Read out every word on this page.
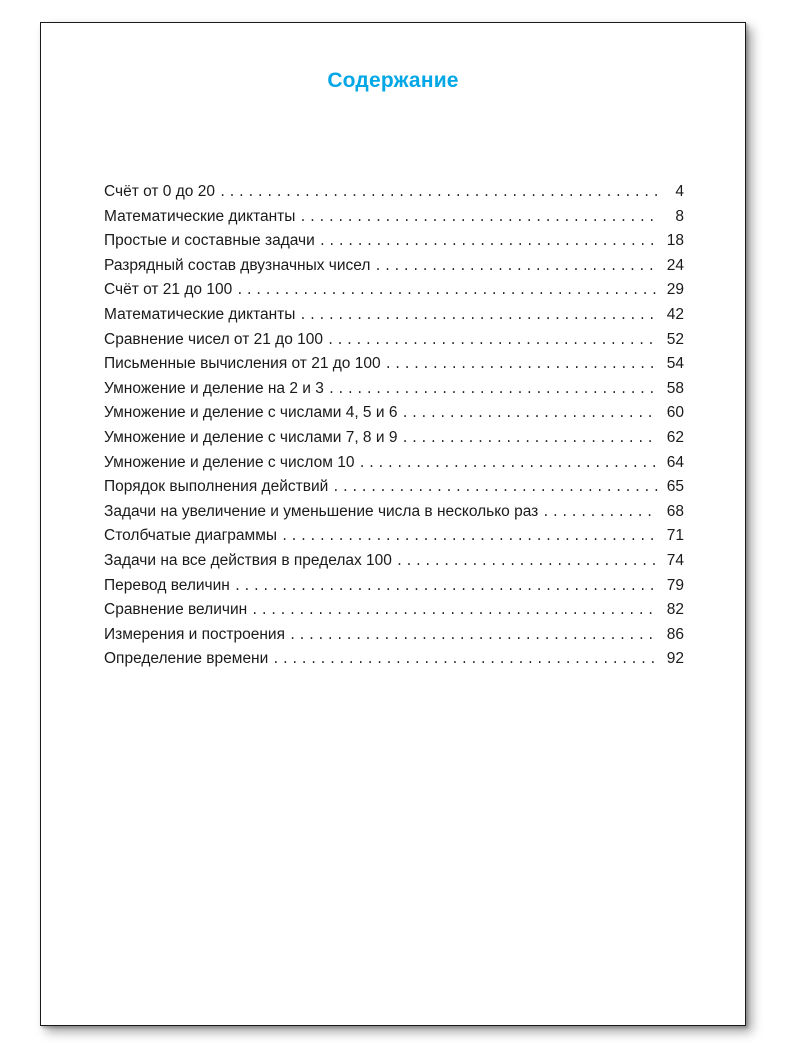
Содержание
Счёт от 0 до 20 .....	4
Математические диктанты .....	8
Простые и составные задачи .....	18
Разрядный состав двузначных чисел .....	24
Счёт от 21 до 100 .....	29
Математические диктанты .....	42
Сравнение чисел от 21 до 100 .....	52
Письменные вычисления от 21 до 100 .....	54
Умножение и деление на 2 и 3 .....	58
Умножение и деление с числами 4, 5 и 6 .....	60
Умножение и деление с числами 7, 8 и 9 .....	62
Умножение и деление с числом 10 .....	64
Порядок выполнения действий .....	65
Задачи на увеличение и уменьшение числа в несколько раз .....	68
Столбчатые диаграммы .....	71
Задачи на все действия в пределах 100 .....	74
Перевод величин .....	79
Сравнение величин .....	82
Измерения и построения .....	86
Определение времени .....	92
